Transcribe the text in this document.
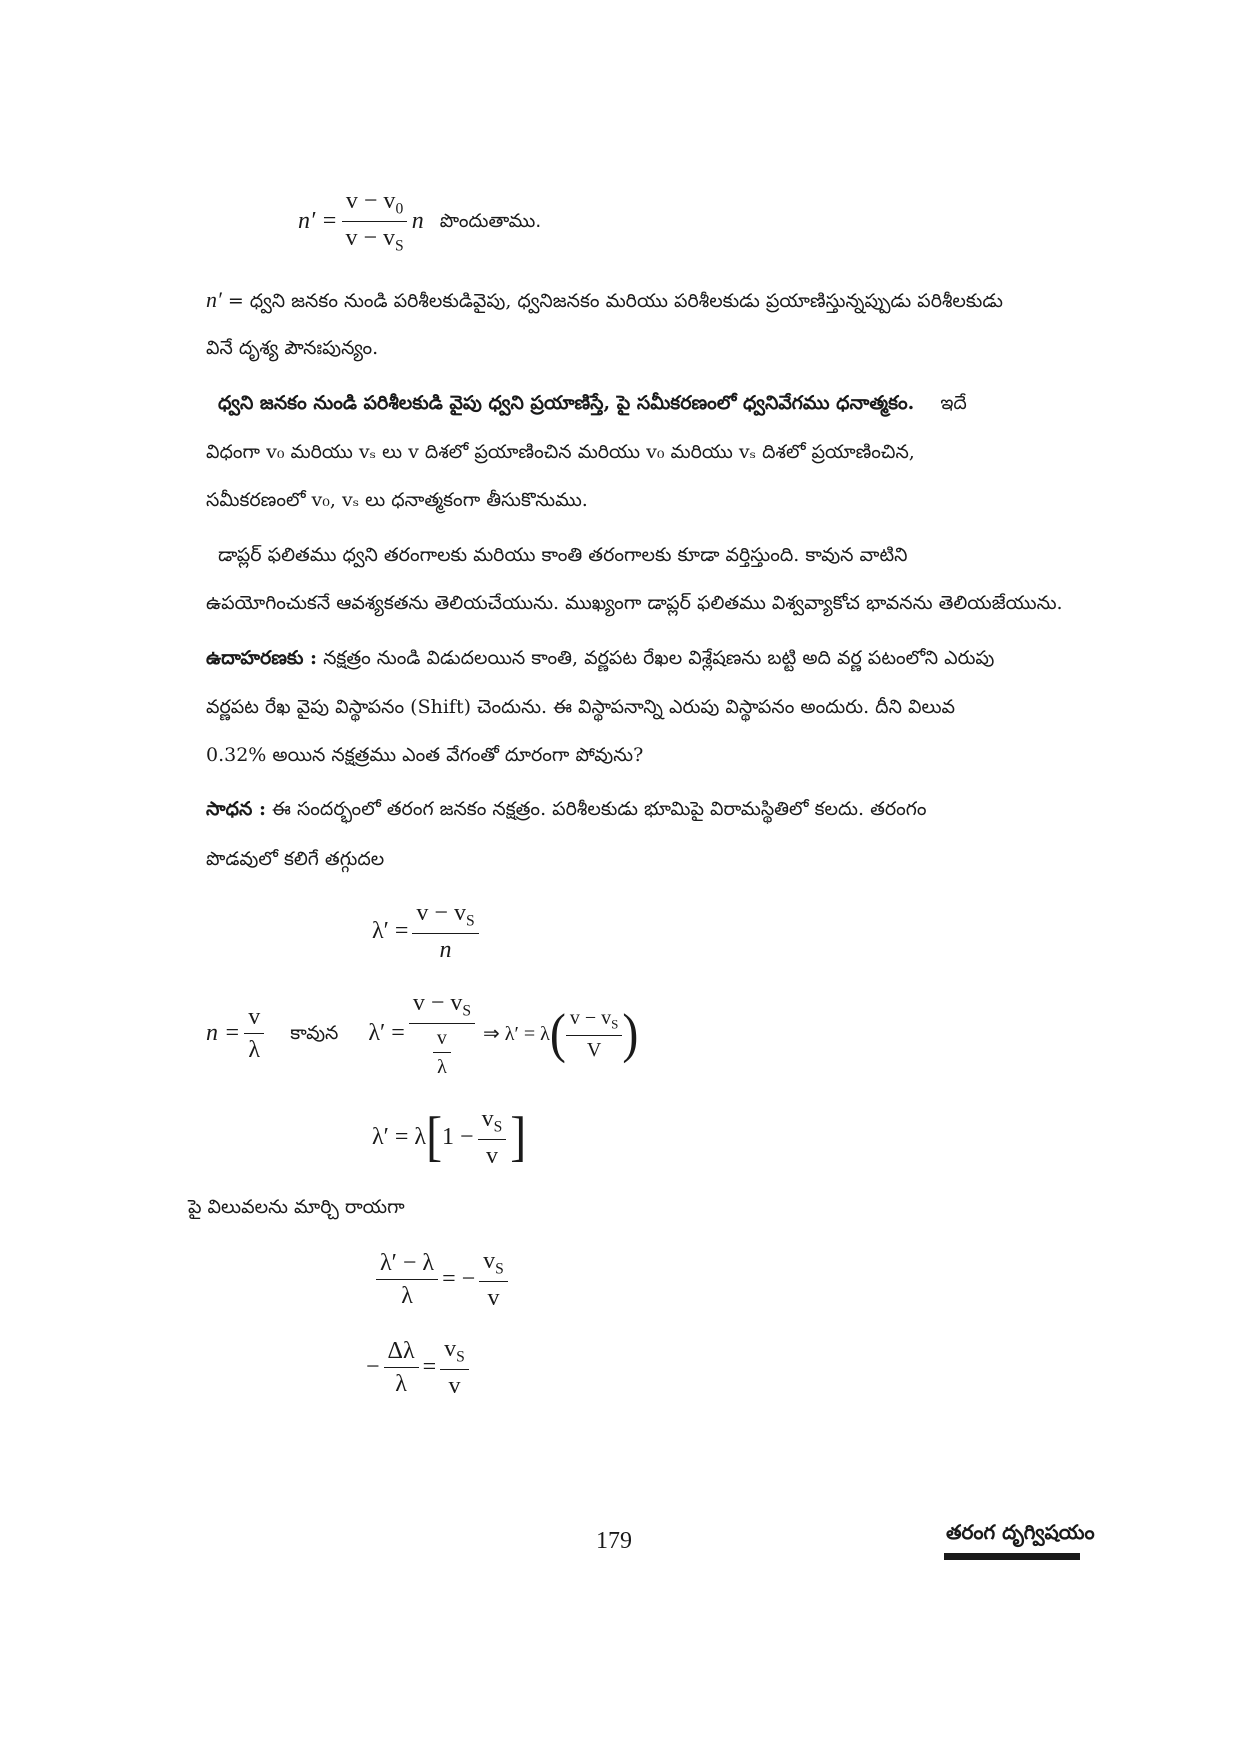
$n' = \frac{v - v_0}{v - v_S}$ n పొందుతాము.
n′ = ధ్వని జనకం నుండి పరిశీలకుడివైపు, ధ్వనిజనకం మరియు పరిశీలకుడు ప్రయాణిస్తున్నప్పుడు పరిశీలకుడు
వినే దృశ్య పౌనఃపున్యం.
ధ్వని జనకం నుండి పరిశీలకుడి వైపు ధ్వని ప్రయాణిస్తే, పై సమీకరణంలో ధ్వనివేగము ధనాత్మకం. ఇదే
విధంగా v₀ మరియు vₛ లు v దిశలో ప్రయాణించిన మరియు v₀ మరియు vₛ దిశలో ప్రయాణించిన,
సమీకరణంలో v₀, vₛ లు ధనాత్మకంగా తీసుకొనుము.
డాప్లర్ ఫలితము ధ్వని తరంగాలకు మరియు కాంతి తరంగాలకు కూడా వర్తిస్తుంది. కావున వాటిని
ఉపయోగించుకనే ఆవశ్యకతను తెలియచేయును. ముఖ్యంగా డాప్లర్ ఫలితము విశ్వవ్యాకోచ భావనను తెలియజేయును.
ఉదాహరణకు : నక్షత్రం నుండి విడుదలయిన కాంతి, వర్ణపట రేఖల విశ్లేషణను బట్టి అది వర్ణ పటంలోని ఎరుపు
వర్ణపట రేఖ వైపు విస్థాపనం (Shift) చెందును. ఈ విస్థాపనాన్ని ఎరుపు విస్థాపనం అందురు. దీని విలువ
0.32% అయిన నక్షత్రము ఎంత వేగంతో దూరంగా పోవును?
సాధన : ఈ సందర్భంలో తరంగ జనకం నక్షత్రం. పరిశీలకుడు భూమిపై విరామస్థితిలో కలదు. తరంగం
పొడవులో కలిగే తగ్గుదల
$\lambda' = \frac{v - v_S}{n}$
$n = \frac{v}{\lambda}$ కావున $\lambda' = \frac{v - v_S}{\frac{v}{\lambda}}$ ⇒ λ′ = λ ( $\frac{v - v_S}{V}$ )
λ′ = λ [ $1 - \frac{v_S}{v}$ ]
పై విలువలను మార్చి రాయగా
$\frac{\lambda' - \lambda}{\lambda}$ = − $\frac{v_S}{v}$
− $\frac{\Delta\lambda}{\lambda} = \frac{v_S}{v}$
179	తరంగ దృగ్విషయం
